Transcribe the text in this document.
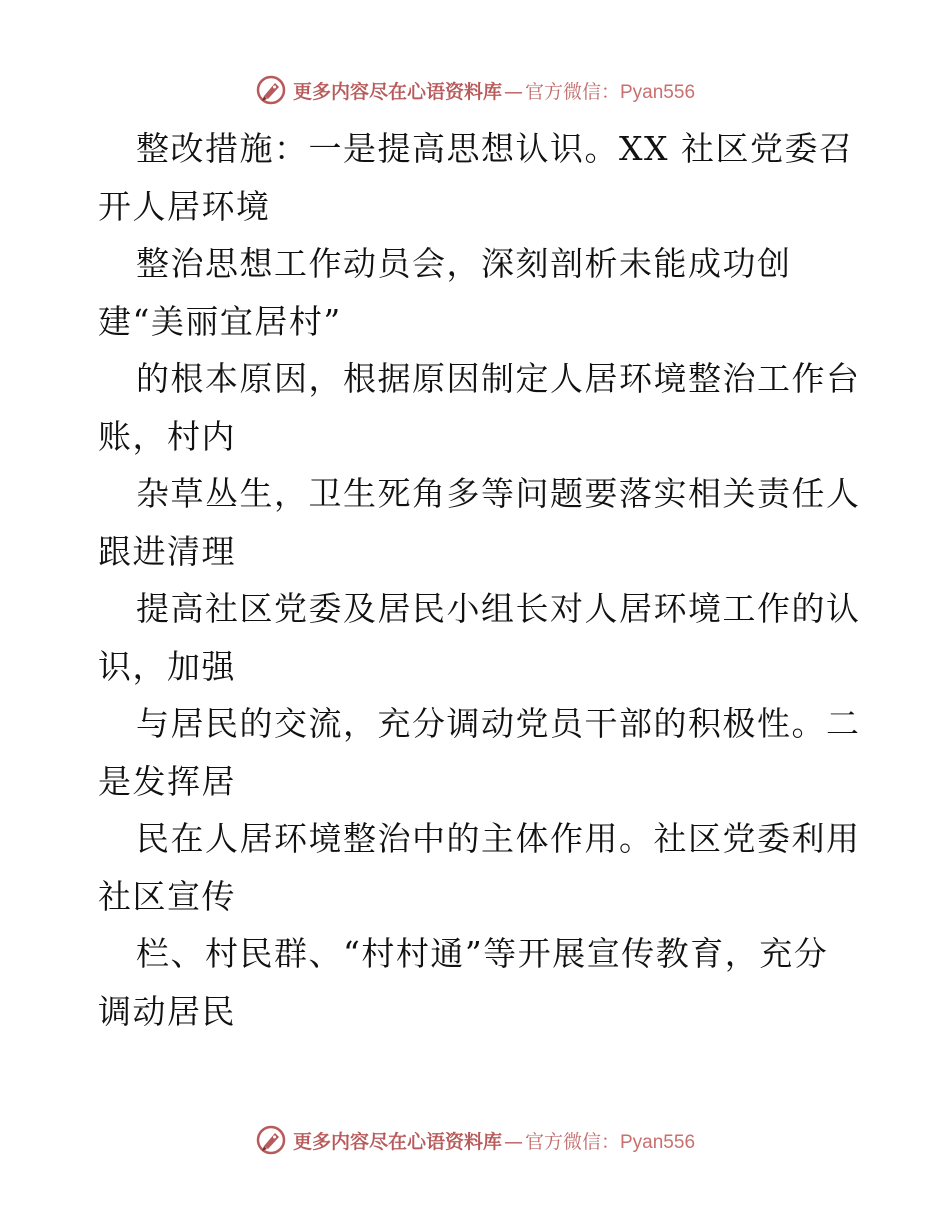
更多内容尽在心语资料库 — 官方微信： Pyan556
整改措施：一是提高思想认识。XX 社区党委召
开人居环境
整治思想工作动员会，深刻剖析未能成功创
建“美丽宜居村”
的根本原因，根据原因制定人居环境整治工作台
账，村内
杂草丛生，卫生死角多等问题要落实相关责任人
跟进清理
提高社区党委及居民小组长对人居环境工作的认
识，加强
与居民的交流，充分调动党员干部的积极性。二
是发挥居
民在人居环境整治中的主体作用。社区党委利用
社区宣传
栏、村民群、“村村通”等开展宣传教育，充分
调动居民
更多内容尽在心语资料库 — 官方微信： Pyan556
